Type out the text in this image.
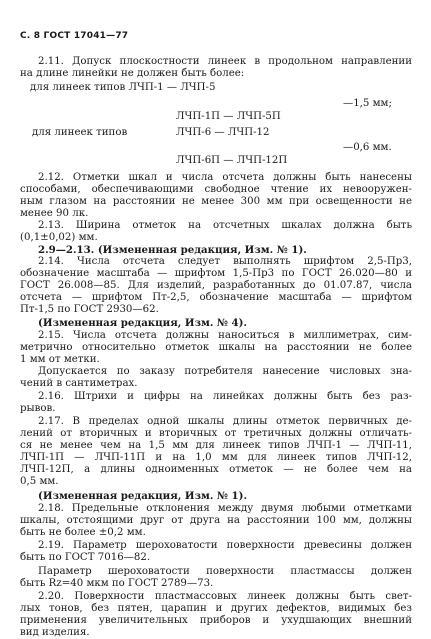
С. 8 ГОСТ 17041—77
2.11. Допуск плоскостности линеек в продольном направлении
на длине линейки не должен быть более:
для линеек типов ЛЧП-1 — ЛЧП-5
—1,5 мм;
ЛЧП-1П — ЛЧП-5П
для линеек типов	ЛЧП-6 — ЛЧП-12
—0,6 мм.
ЛЧП-6П — ЛЧП-12П
2.12. Отметки шкал и числа отсчета должны быть нанесены
способами, обеспечивающими свободное чтение их невооружен-
ным глазом на расстоянии не менее 300 мм при освещенности не
менее 90 лк.
2.13. Ширина отметок на отсчетных шкалах должна быть
(0,1±0,02) мм.
2.9—2.13. (Измененная редакция, Изм. № 1).
2.14. Числа отсчета следует выполнять шрифтом 2,5-Пр3,
обозначение масштаба — шрифтом 1,5-Пр3 по ГОСТ 26.020—80 и
ГОСТ 26.008—85. Для изделий, разработанных до 01.07.87, числа
отсчета — шрифтом Пт-2,5, обозначение масштаба — шрифтом
Пт-1,5 по ГОСТ 2930—62.
(Измененная редакция, Изм. № 4).
2.15. Числа отсчета должны наноситься в миллиметрах, сим-
метрично относительно отметок шкалы на расстоянии не более
1 мм от метки.
Допускается по заказу потребителя нанесение числовых зна-
чений в сантиметрах.
2.16. Штрихи и цифры на линейках должны быть без раз-
рывов.
2.17. В пределах одной шкалы длины отметок первичных де-
лений от вторичных и вторичных от третичных должны отличать-
ся не менее чем на 1,5 мм для линеек типов ЛЧП-1 — ЛЧП-11,
ЛЧП-1П — ЛЧП-11П и на 1,0 мм для линеек типов ЛЧП-12,
ЛЧП-12П, а длины одноименных отметок — не более чем на
0,5 мм.
(Измененная редакция, Изм. № 1).
2.18. Предельные отклонения между двумя любыми отметками
шкалы, отстоящими друг от друга на расстоянии 100 мм, должны
быть не более ±0,2 мм.
2.19. Параметр шероховатости поверхности древесины должен
быть по ГОСТ 7016—82.
Параметр шероховатости поверхности пластмассы должен
быть Rz=40 мкм по ГОСТ 2789—73.
2.20. Поверхности пластмассовых линеек должны быть свет-
лых тонов, без пятен, царапин и других дефектов, видимых без
применения увеличительных приборов и ухудшающих внешний
вид изделия.
